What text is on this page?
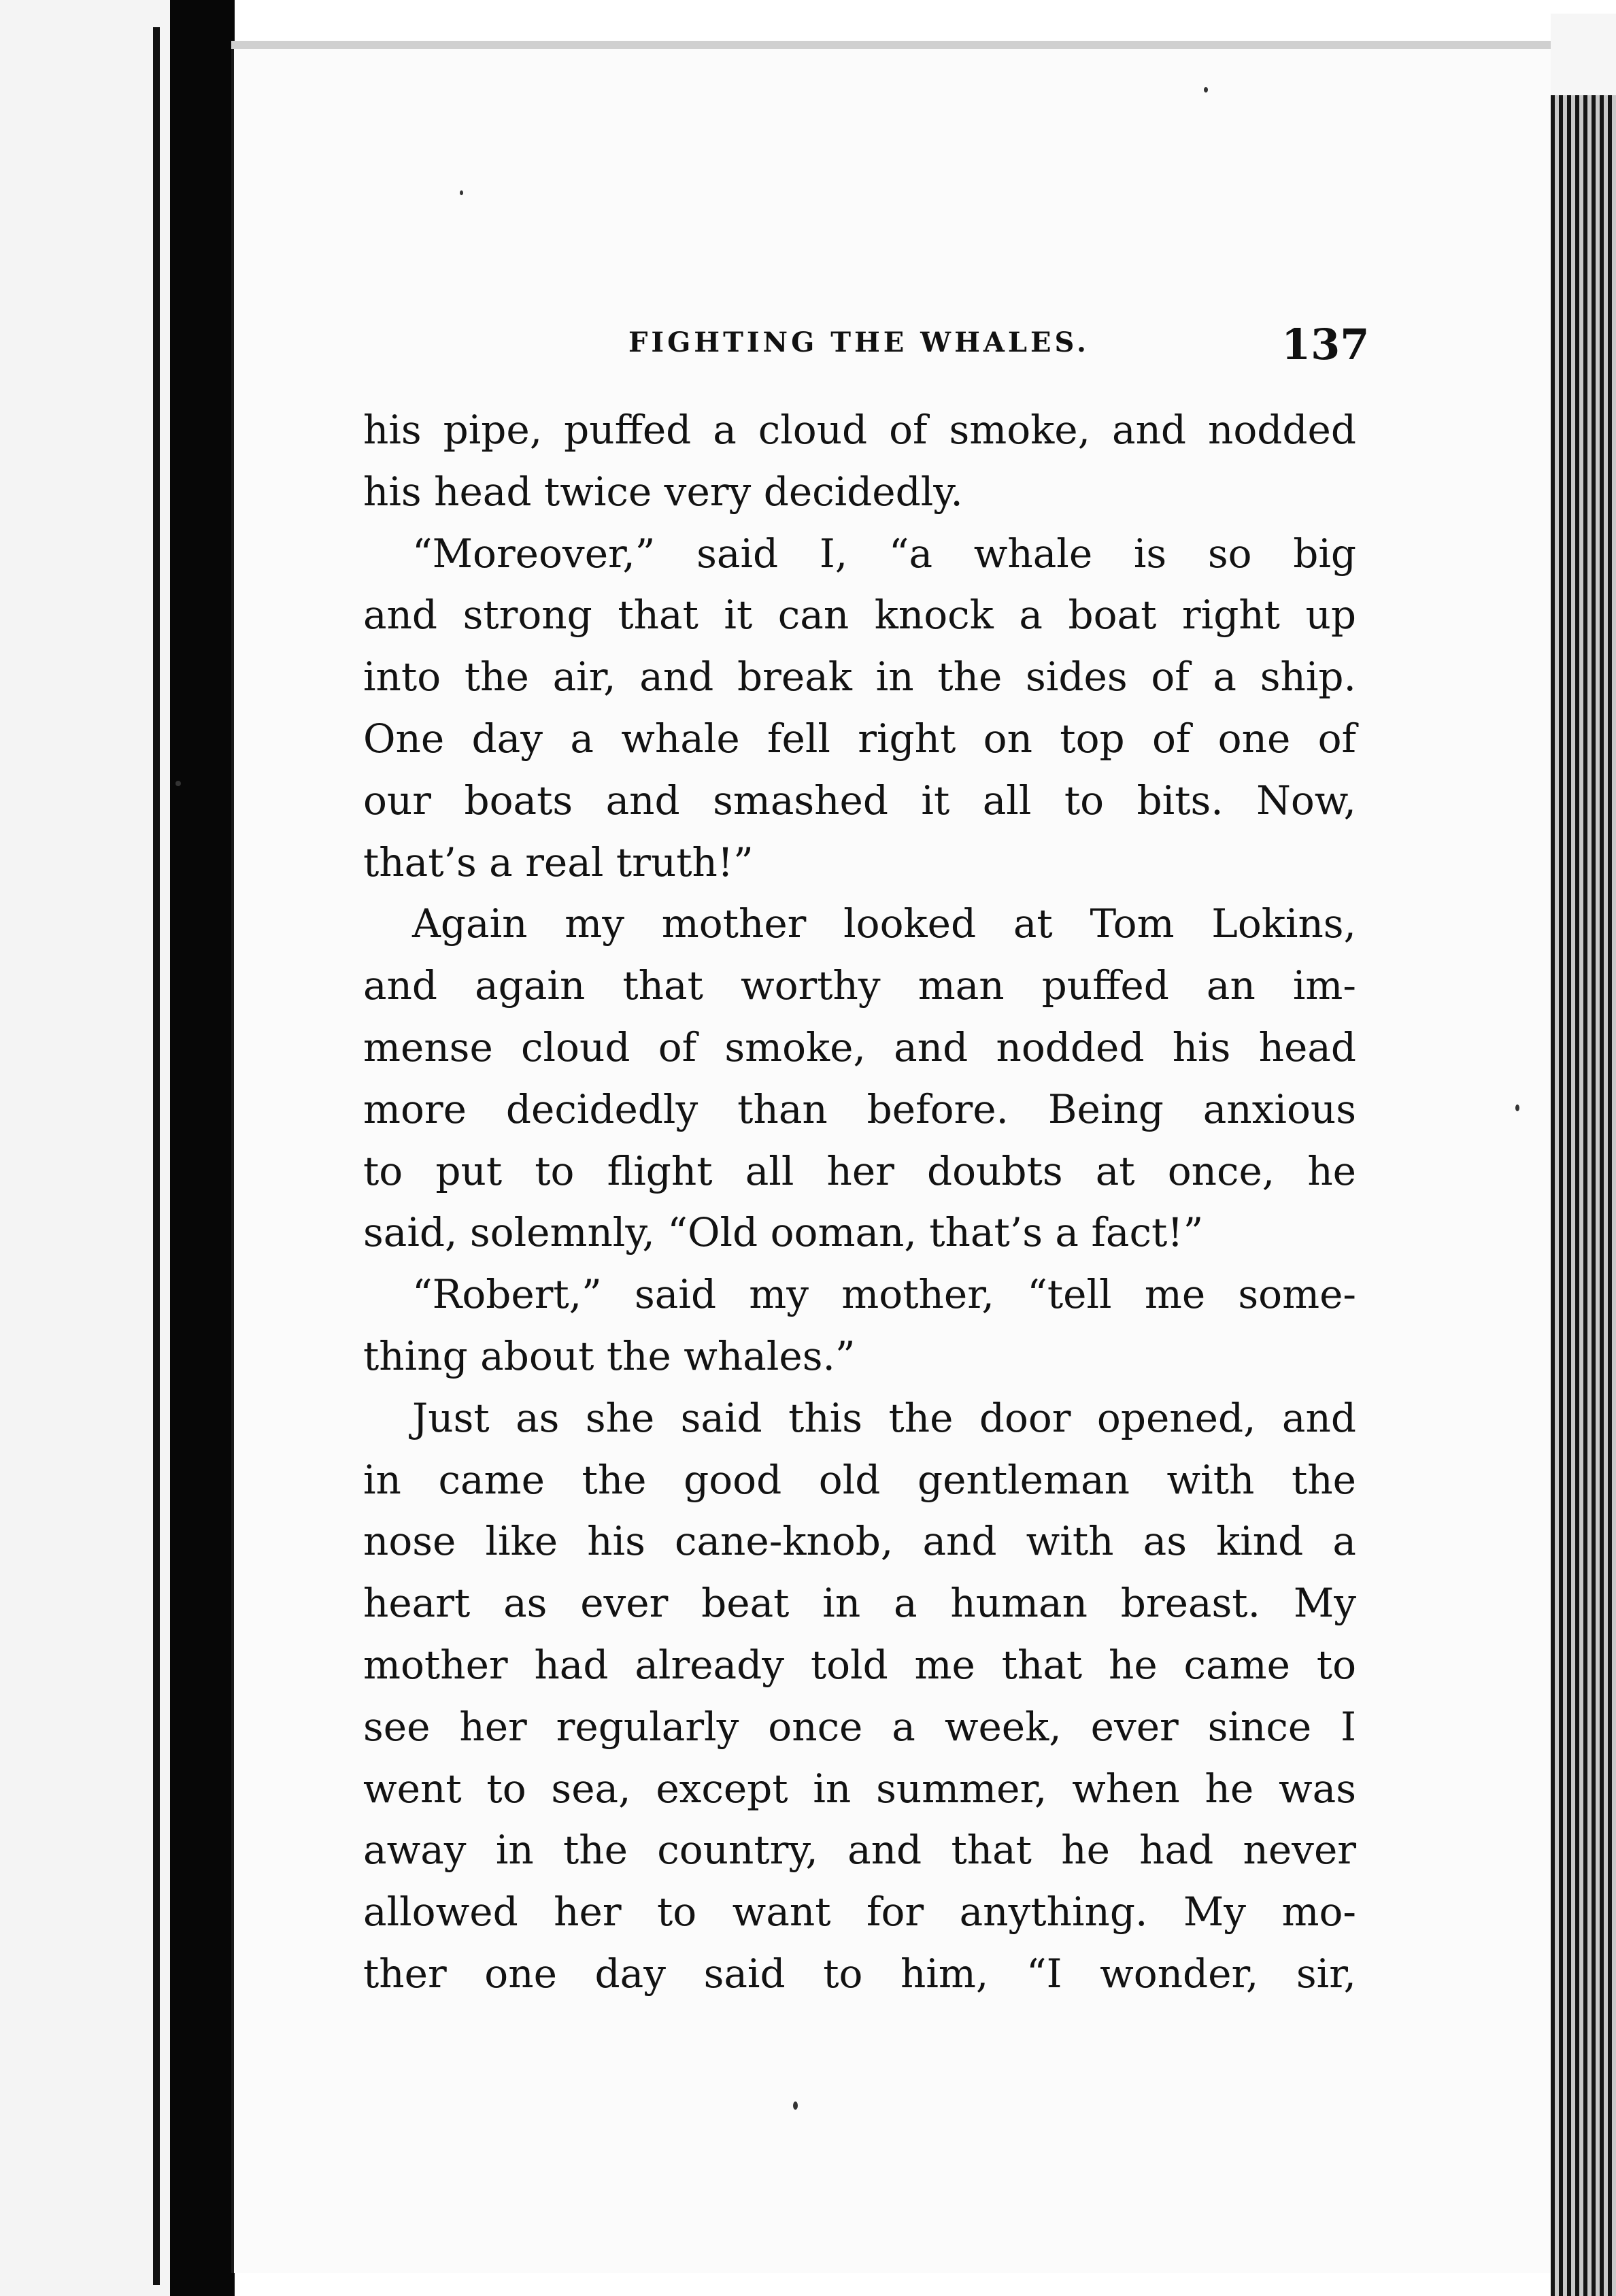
FIGHTING THE WHALES.	137
his pipe, puffed a cloud of smoke, and nodded
his head twice very decidedly.
“Moreover,” said I, “a whale is so big
and strong that it can knock a boat right up
into the air, and break in the sides of a ship.
One day a whale fell right on top of one of
our boats and smashed it all to bits. Now,
that’s a real truth!”
Again my mother looked at Tom Lokins,
and again that worthy man puffed an im-
mense cloud of smoke, and nodded his head
more decidedly than before. Being anxious
to put to flight all her doubts at once, he
said, solemnly, “Old ooman, that’s a fact!”
“Robert,” said my mother, “tell me some-
thing about the whales.”
Just as she said this the door opened, and
in came the good old gentleman with the
nose like his cane-knob, and with as kind a
heart as ever beat in a human breast. My
mother had already told me that he came to
see her regularly once a week, ever since I
went to sea, except in summer, when he was
away in the country, and that he had never
allowed her to want for anything. My mo-
ther one day said to him, “I wonder, sir,
